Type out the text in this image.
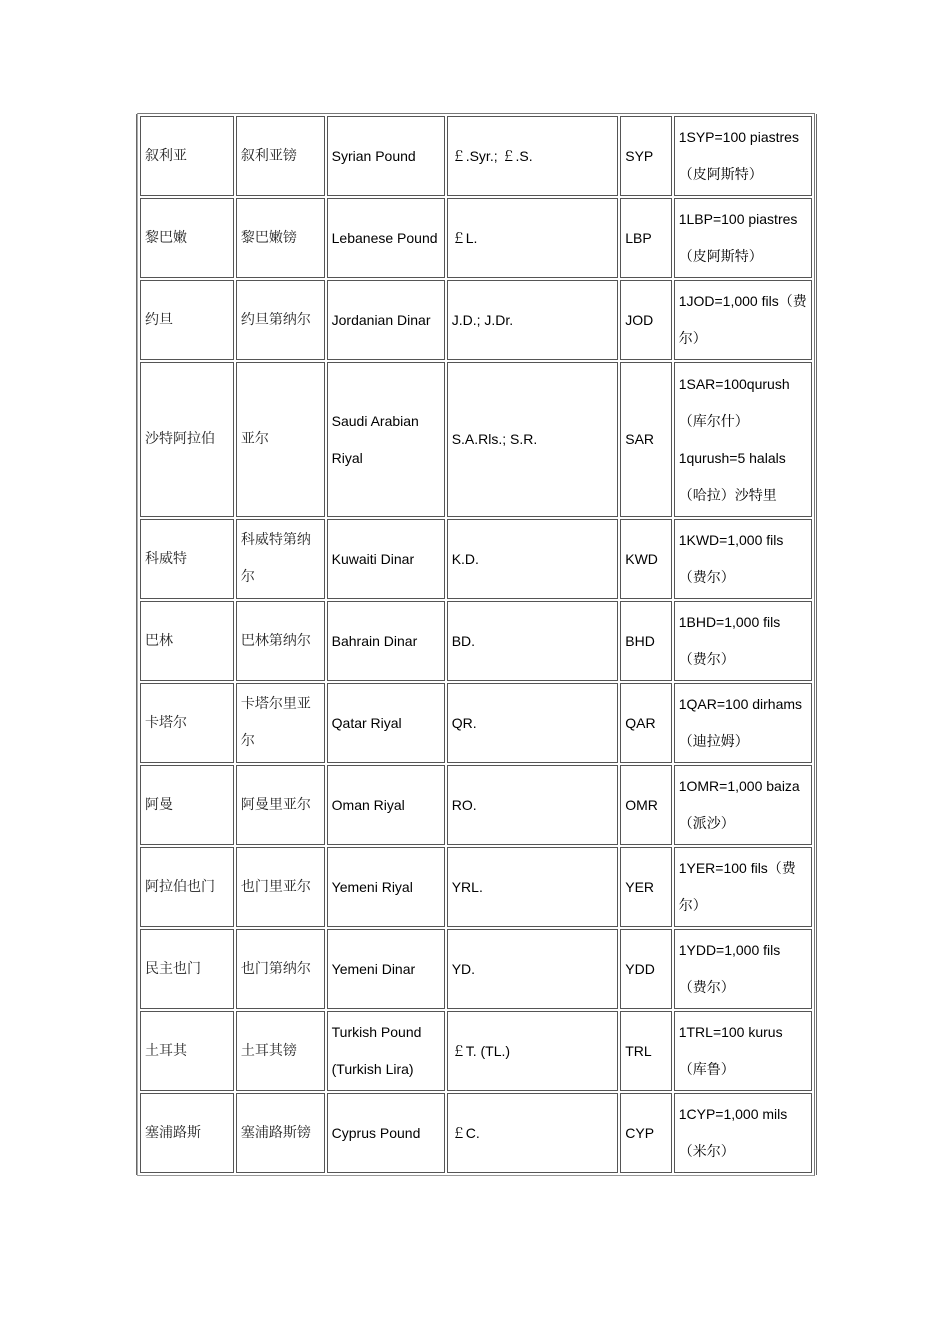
叙利亚	叙利亚镑	Syrian Pound	￡.Syr.; ￡.S.	SYP	1SYP=100 piastres（皮阿斯特）
黎巴嫩	黎巴嫩镑	Lebanese Pound	￡L.	LBP	1LBP=100 piastres（皮阿斯特）
约旦	约旦第纳尔	Jordanian Dinar	J.D.; J.Dr.	JOD	1JOD=1,000 fils（费尔）
沙特阿拉伯	亚尔	Saudi Arabian Riyal	S.A.Rls.; S.R.	SAR	1SAR=100qurush（库尔什）1qurush=5 halals（哈拉）沙特里
科威特	科威特第纳尔	Kuwaiti Dinar	K.D.	KWD	1KWD=1,000 fils（费尔）
巴林	巴林第纳尔	Bahrain Dinar	BD.	BHD	1BHD=1,000 fils（费尔）
卡塔尔	卡塔尔里亚尔	Qatar Riyal	QR.	QAR	1QAR=100 dirhams（迪拉姆）
阿曼	阿曼里亚尔	Oman Riyal	RO.	OMR	1OMR=1,000 baiza（派沙）
阿拉伯也门	也门里亚尔	Yemeni Riyal	YRL.	YER	1YER=100 fils（费尔）
民主也门	也门第纳尔	Yemeni Dinar	YD.	YDD	1YDD=1,000 fils（费尔）
土耳其	土耳其镑	Turkish Pound (Turkish Lira)	￡T. (TL.)	TRL	1TRL=100 kurus（库鲁）
塞浦路斯	塞浦路斯镑	Cyprus Pound	￡C.	CYP	1CYP=1,000 mils（米尔）
